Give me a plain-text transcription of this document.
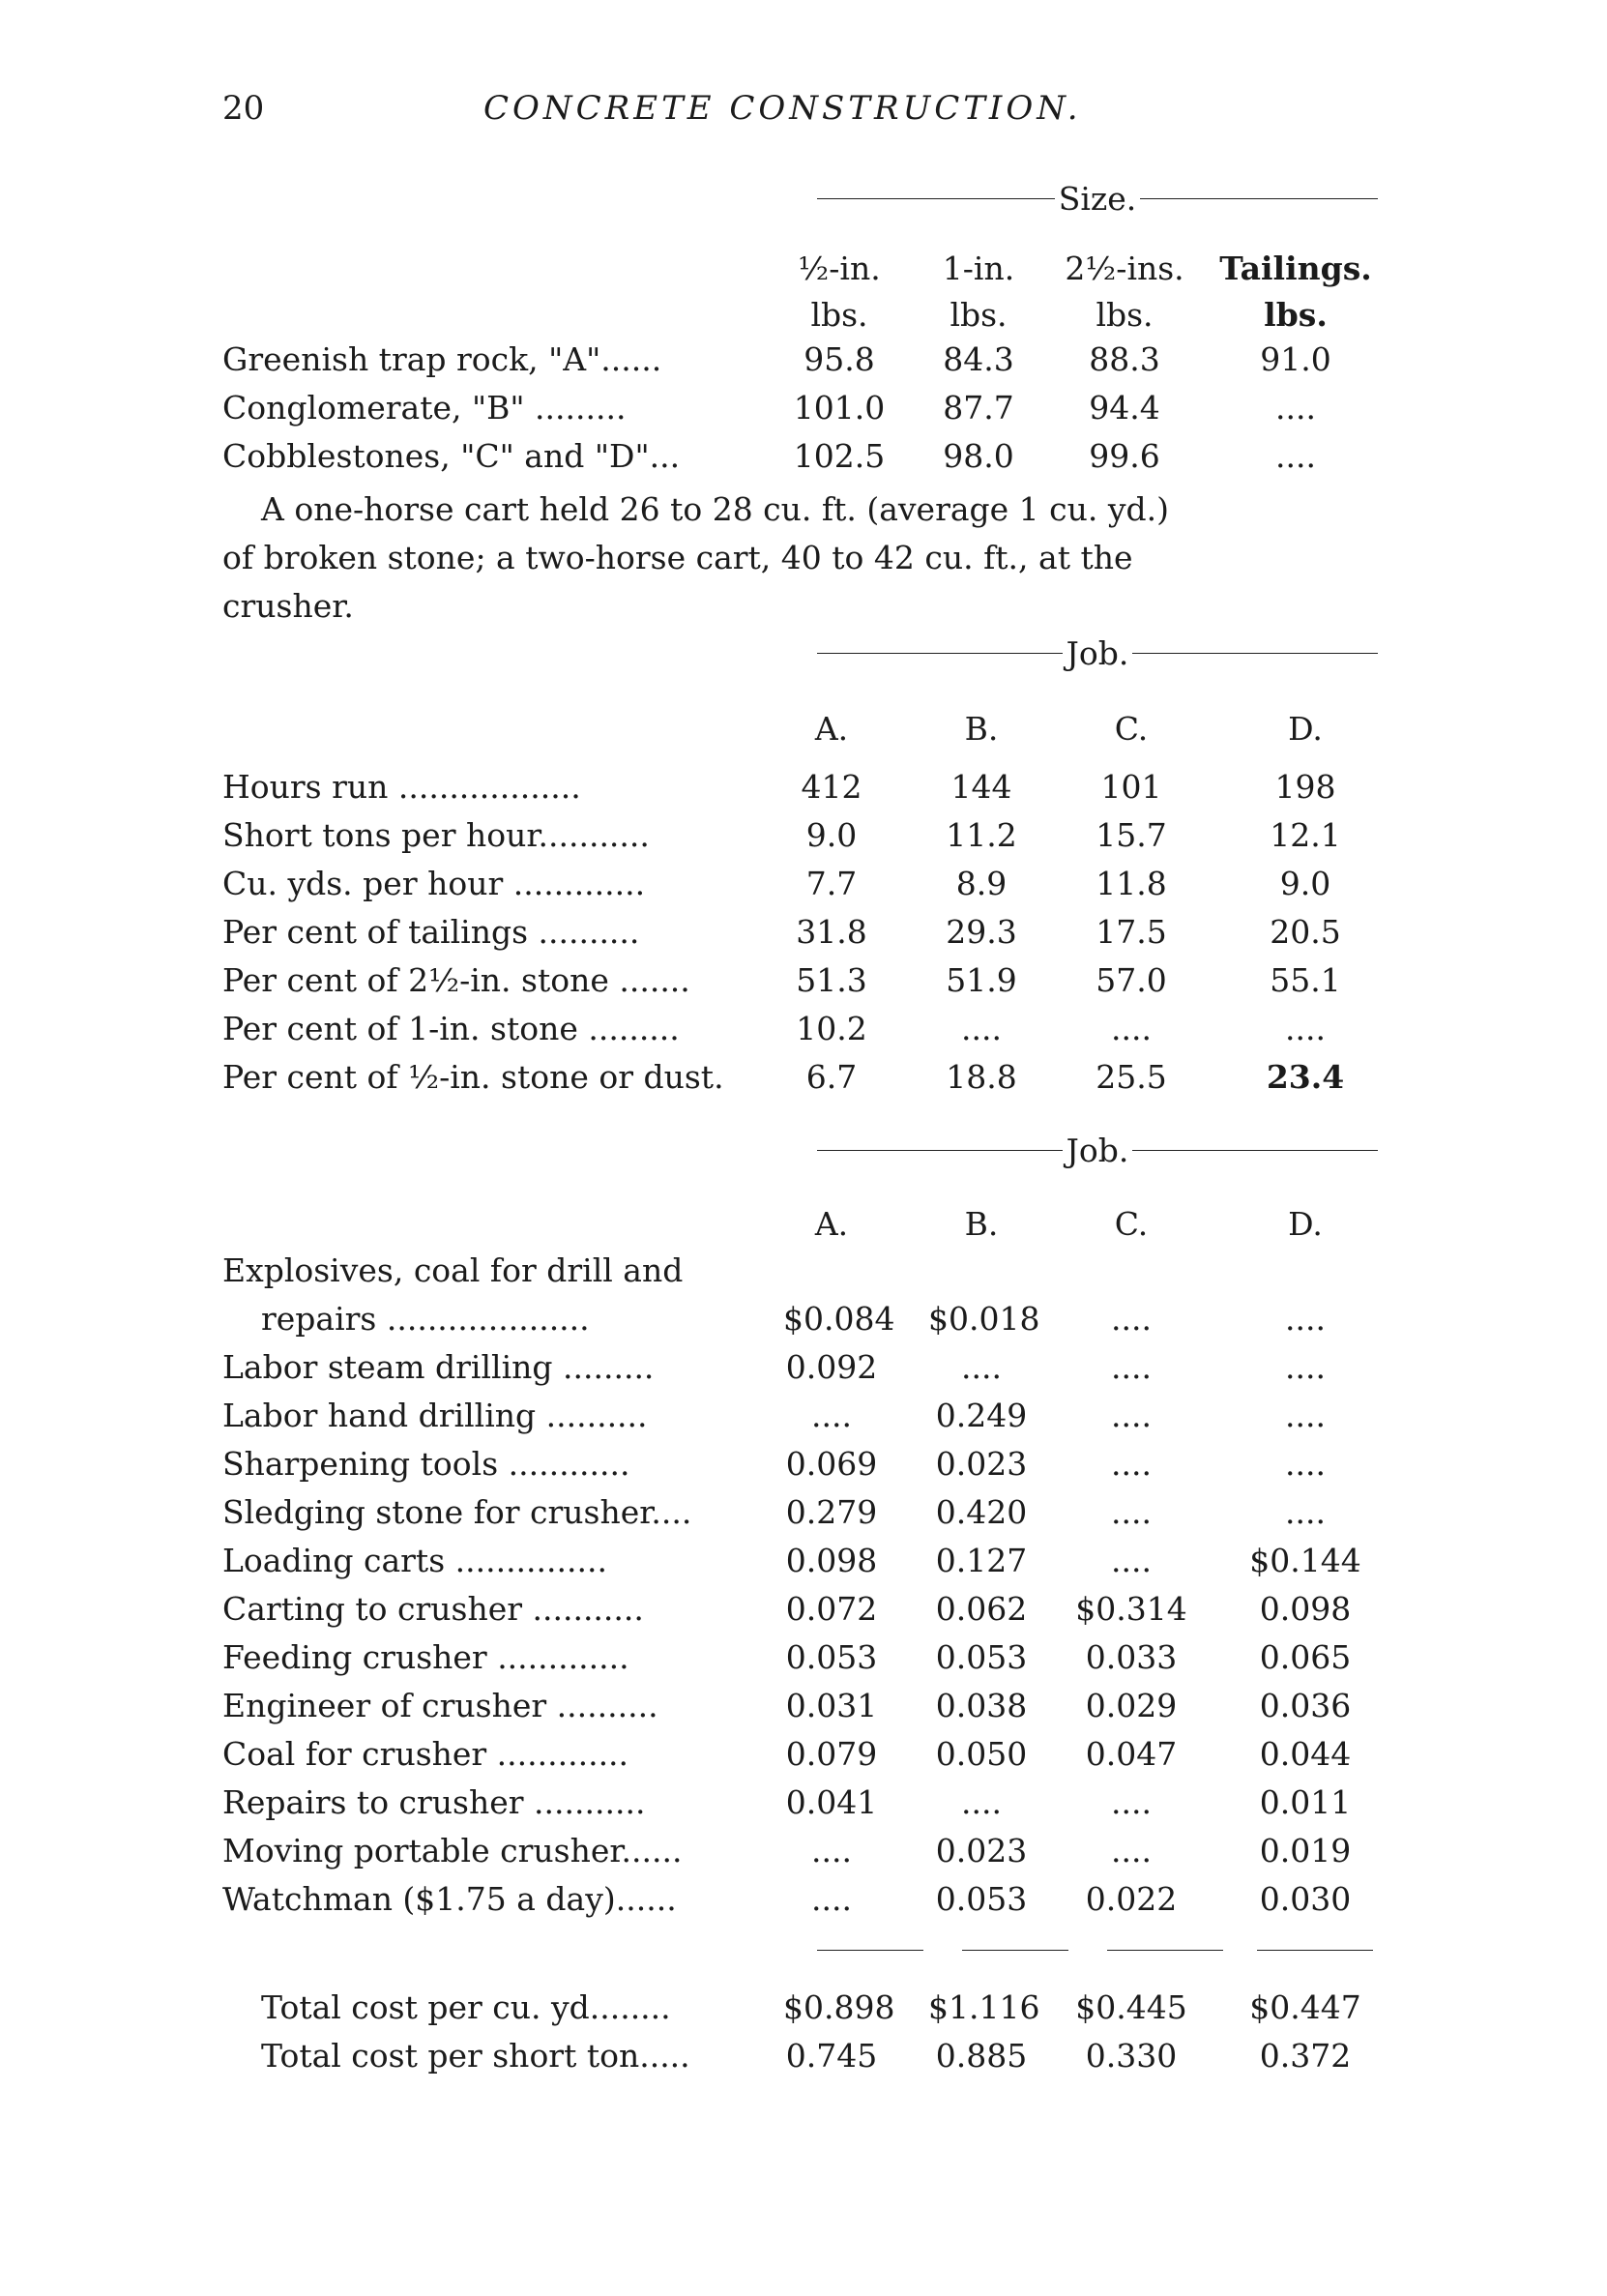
20	CONCRETE CONSTRUCTION.
Size.
½-in.	1-in.	2½-ins.	Tailings.
lbs.	lbs.	lbs.	lbs.
Greenish trap rock, "A"......	95.8	84.3	88.3	91.0
Conglomerate, "B" .........	101.0	87.7	94.4	....
Cobblestones, "C" and "D"...	102.5	98.0	99.6	....

A one-horse cart held 26 to 28 cu. ft. (average 1 cu. yd.)

of broken stone; a two-horse cart, 40 to 42 cu. ft., at the

crusher.

Job.
A.	B.	C.	D.
Hours run ..................	412	144	101	198
Short tons per hour...........	9.0	11.2	15.7	12.1
Cu. yds. per hour .............	7.7	8.9	11.8	9.0
Per cent of tailings ..........	31.8	29.3	17.5	20.5
Per cent of 2½-in. stone .......	51.3	51.9	57.0	55.1
Per cent of 1-in. stone .........	10.2	....	....	....
Per cent of ½-in. stone or dust.	6.7	18.8	25.5	23.4
Job.
A.	B.	C.	D.
Explosives, coal for drill and
repairs ....................	$0.084 $0.018	....	....
Labor steam drilling .........	0.092	....	....	....
Labor hand drilling ..........	....	0.249	....	....
Sharpening tools ............	0.069 0.023	....	....
Sledging stone for crusher....	0.279 0.420	....	....
Loading carts ...............	0.098 0.127	....	$0.144
Carting to crusher ...........	0.072 0.062 $0.314	0.098
Feeding crusher .............	0.053 0.053	0.033	0.065
Engineer of crusher ..........	0.031 0.038	0.029	0.036
Coal for crusher .............	0.079 0.050	0.047	0.044
Repairs to crusher ...........	0.041	....	....	0.011
Moving portable crusher......	....	0.023	....	0.019
Watchman ($1.75 a day)......	....	0.053	0.022	0.030
Total cost per cu. yd........	$0.898 $1.116 $0.445	$0.447
Total cost per short ton.....	0.745 0.885	0.330	0.372
